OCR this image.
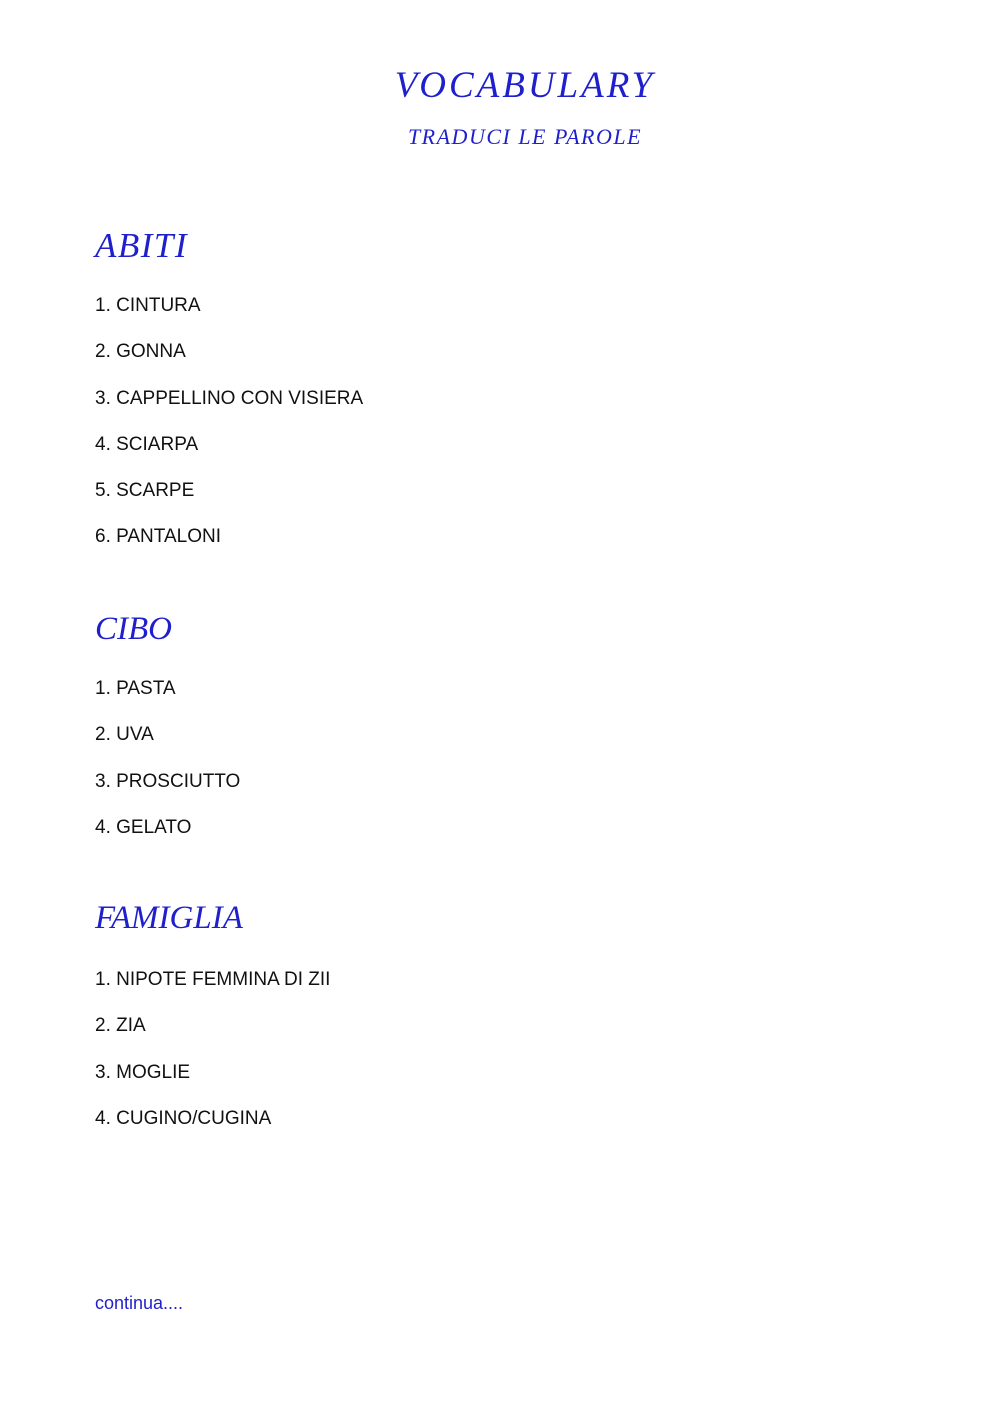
VOCABULARY
TRADUCI LE PAROLE
ABITI
1. CINTURA
2. GONNA
3. CAPPELLINO CON VISIERA
4. SCIARPA
5. SCARPE
6. PANTALONI
CIBO
1. PASTA
2. UVA
3. PROSCIUTTO
4. GELATO
FAMIGLIA
1. NIPOTE FEMMINA DI ZII
2. ZIA
3. MOGLIE
4. CUGINO/CUGINA
continua....
